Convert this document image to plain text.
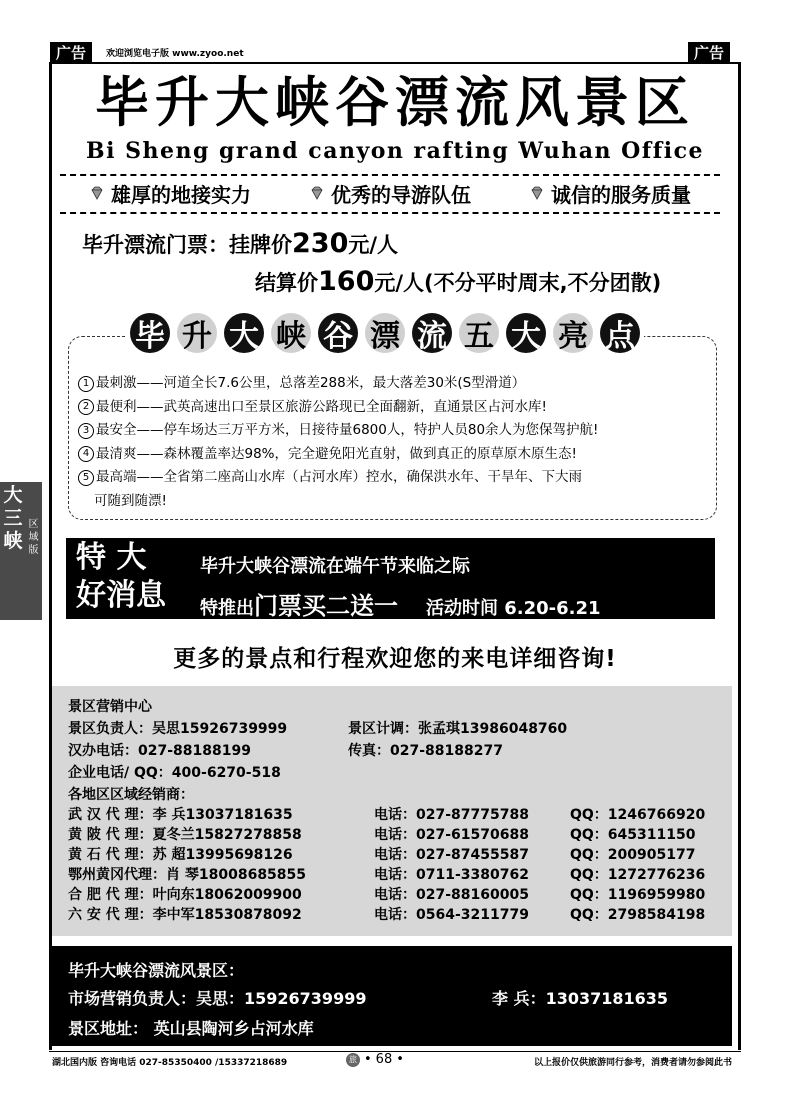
广告	欢迎浏览电子版 www.zyoo.net	广告
毕升大峡谷漂流风景区
Bi Sheng grand canyon rafting Wuhan Office
雄厚的地接实力	优秀的导游队伍	诚信的服务质量
毕升漂流门票：挂牌价230元/人
结算价160元/人(不分平时周末,不分团散)
毕 升 大 峡 谷 漂 流 五 大 亮 点
1 最刺激——河道全长7.6公里，总落差288米，最大落差30米(S型滑道）
2 最便利——武英高速出口至景区旅游公路现已全面翻新，直通景区占河水库!
3 最安全——停车场达三万平方米，日接待量6800人，特护人员80余人为您保驾护航!
4 最清爽——森林覆盖率达98%，完全避免阳光直射，做到真正的原草原木原生态!
5 最高端——全省第二座高山水库（占河水库）控水，确保洪水年、干旱年、下大雨
可随到随漂!
大
三
峡
区
域
版 特 大
好消息
毕升大峡谷漂流在端午节来临之际
特推出 门票买二送一 活动时间 6.20-6.21
更多的景点和行程欢迎您的来电详细咨询!
景区营销中心
景区负责人：吴思15926739999	景区计调：张孟琪13986048760
汉办电话：027-88188199	传真：027-88188277
企业电话/ QQ：400-6270-518
各地区区域经销商：
武 汉 代 理：李 兵13037181635	电话：027-87775788	QQ：1246766920
黄 陂 代 理：夏冬兰15827278858	电话：027-61570688	QQ：645311150
黄 石 代 理：苏 超13995698126	电话：027-87455587	QQ：200905177
鄂州黄冈代理：肖 琴18008685855	电话：0711-3380762	QQ：1272776236
合 肥 代 理：叶向东18062009900	电话：027-88160005	QQ：1196959980
六 安 代 理：李中军18530878092	电话：0564-3211779	QQ：2798584198
毕升大峡谷漂流风景区：
市场营销负责人：吴思：15926739999	李 兵：13037181635
景区地址： 英山县陶河乡占河水库
湖北国内版 咨询电话 027-85350400 /15337218689	旅 • 68 •	以上报价仅供旅游同行参考，消费者请勿参阅此书
